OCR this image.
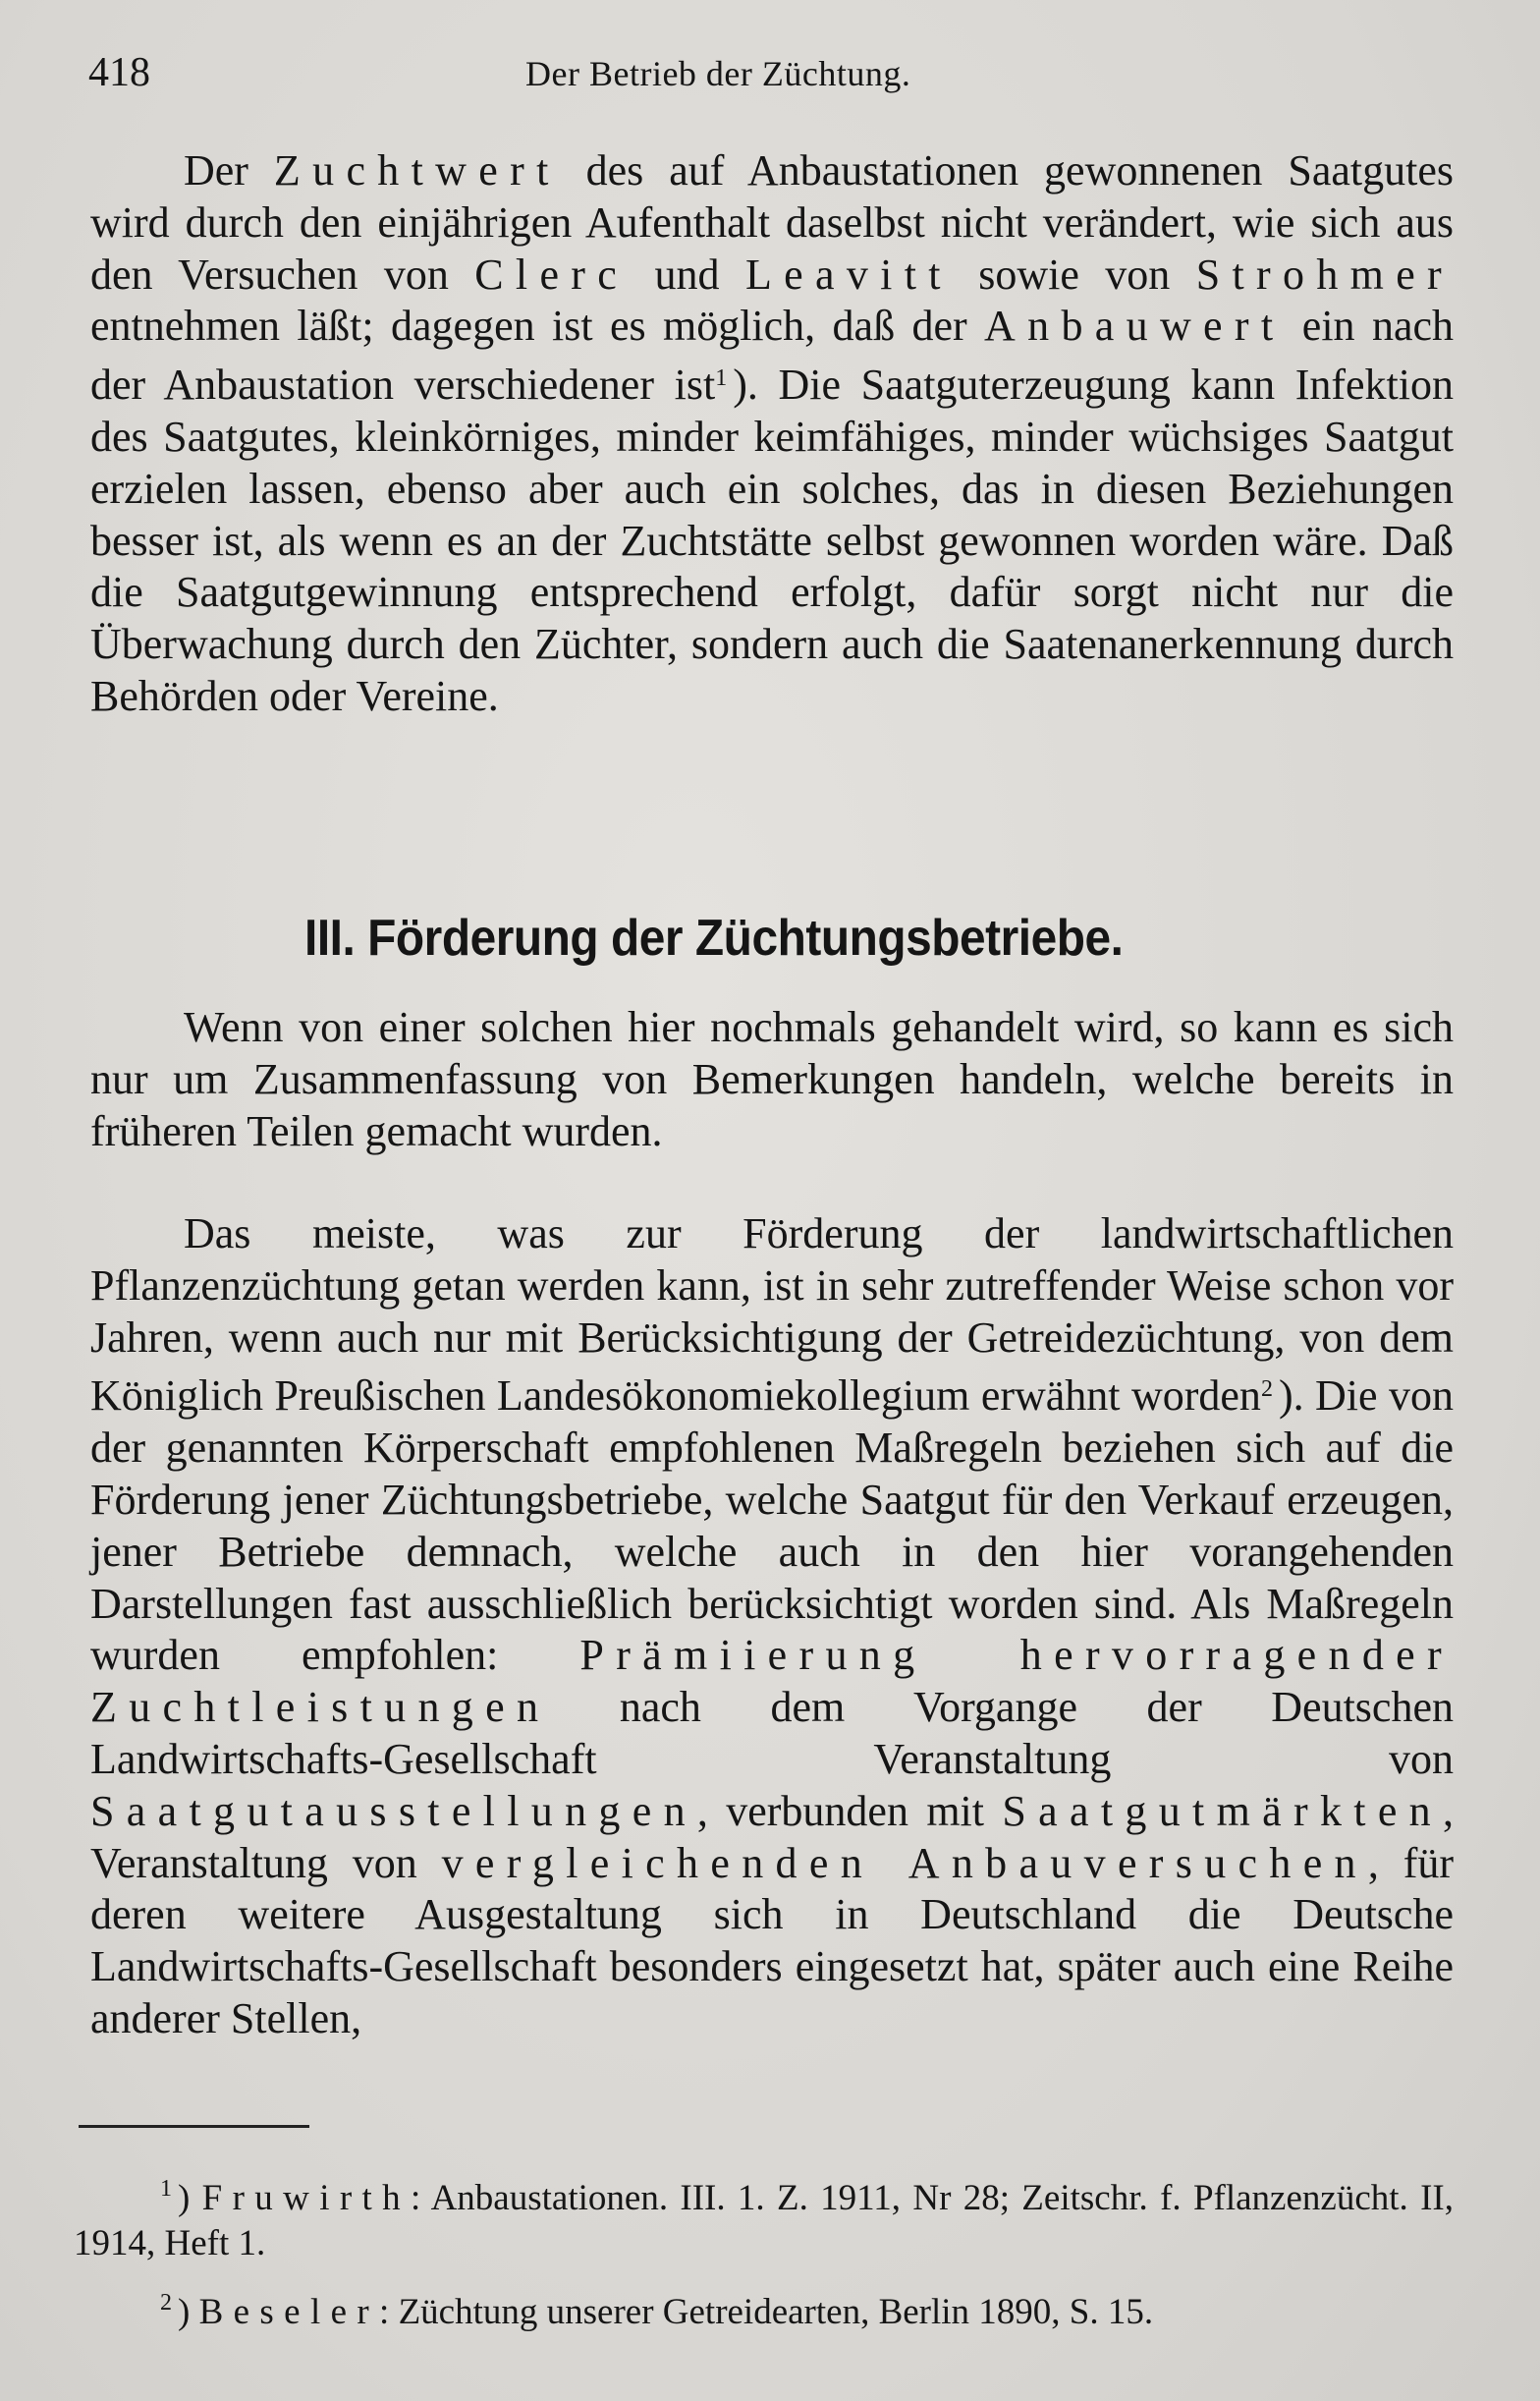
418	Der Betrieb der Züchtung.

Der Zuchtwert des auf Anbaustationen gewonnenen Saatgutes wird durch den einjährigen Aufenthalt daselbst nicht verändert, wie sich aus den Versuchen von Clerc und Leavitt sowie von Strohmer entnehmen läßt; dagegen ist es möglich, daß der Anbauwert ein nach der Anbaustation verschiedener ist$^1$ ). Die Saatguterzeugung kann Infektion des Saatgutes, kleinkörniges, minder keimfähiges, minder wüchsiges Saatgut erzielen lassen, ebenso aber auch ein solches, das in diesen Beziehungen besser ist, als wenn es an der Zuchtstätte selbst gewonnen worden wäre. Daß die Saatgutgewinnung entsprechend erfolgt, dafür sorgt nicht nur die Überwachung durch den Züchter, sondern auch die Saatenanerkennung durch Behörden oder Vereine.

III. Förderung der Züchtungsbetriebe.

Wenn von einer solchen hier nochmals gehandelt wird, so kann es sich nur um Zusammenfassung von Bemerkungen handeln, welche bereits in früheren Teilen gemacht wurden.

Das meiste, was zur Förderung der landwirtschaftlichen Pflanzenzüchtung getan werden kann, ist in sehr zutreffender Weise schon vor Jahren, wenn auch nur mit Berücksichtigung der Getreidezüchtung, von dem Königlich Preußischen Landesökonomiekollegium erwähnt worden$^2$ ). Die von der genannten Körperschaft empfohlenen Maßregeln beziehen sich auf die Förderung jener Züchtungsbetriebe, welche Saatgut für den Verkauf erzeugen, jener Betriebe demnach, welche auch in den hier vorangehenden Darstellungen fast ausschließlich berücksichtigt worden sind. Als Maßregeln wurden empfohlen: Prämiierung hervorragender Zuchtleistungen nach dem Vorgange der Deutschen Landwirtschafts-Gesellschaft Veranstaltung von Saatgutausstellungen, verbunden mit Saatgutmärkten, Veranstaltung von vergleichenden Anbauversuchen, für deren weitere Ausgestaltung sich in Deutschland die Deutsche Landwirtschafts-Gesellschaft besonders eingesetzt hat, später auch eine Reihe anderer Stellen,

$^1$ ) Fruwirth: Anbaustationen. III. 1. Z. 1911, Nr 28; Zeitschr. f. Pflanzenzücht. II, 1914, Heft 1.
$^2$ ) Beseler: Züchtung unserer Getreidearten, Berlin 1890, S. 15.
